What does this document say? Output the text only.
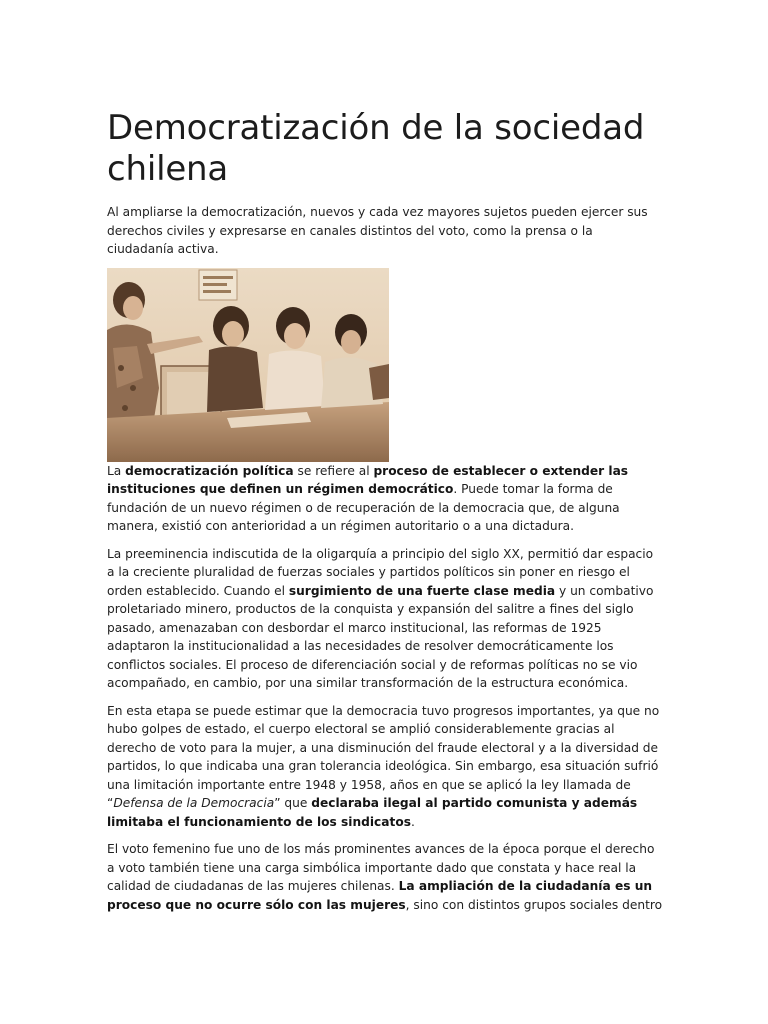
Democratización de la sociedad chilena

Al ampliarse la democratización, nuevos y cada vez mayores sujetos pueden ejercer sus derechos civiles y expresarse en canales distintos del voto, como la prensa o la ciudadanía activa.

La democratización política se refiere al proceso de establecer o extender las instituciones que definen un régimen democrático. Puede tomar la forma de fundación de un nuevo régimen o de recuperación de la democracia que, de alguna manera, existió con anterioridad a un régimen autoritario o a una dictadura.

La preeminencia indiscutida de la oligarquía a principio del siglo XX, permitió dar espacio a la creciente pluralidad de fuerzas sociales y partidos políticos sin poner en riesgo el orden establecido. Cuando el surgimiento de una fuerte clase media y un combativo proletariado minero, productos de la conquista y expansión del salitre a fines del siglo pasado, amenazaban con desbordar el marco institucional, las reformas de 1925 adaptaron la institucionalidad a las necesidades de resolver democráticamente los conflictos sociales. El proceso de diferenciación social y de reformas políticas no se vio acompañado, en cambio, por una similar transformación de la estructura económica.

En esta etapa se puede estimar que la democracia tuvo progresos importantes, ya que no hubo golpes de estado, el cuerpo electoral se amplió considerablemente gracias al derecho de voto para la mujer, a una disminución del fraude electoral y a la diversidad de partidos, lo que indicaba una gran tolerancia ideológica. Sin embargo, esa situación sufrió una limitación importante entre 1948 y 1958, años en que se aplicó la ley llamada de “Defensa de la Democracia” que declaraba ilegal al partido comunista y además limitaba el funcionamiento de los sindicatos.

El voto femenino fue uno de los más prominentes avances de la época porque el derecho a voto también tiene una carga simbólica importante dado que constata y hace real la calidad de ciudadanas de las mujeres chilenas. La ampliación de la ciudadanía es un proceso que no ocurre sólo con las mujeres, sino con distintos grupos sociales dentro
